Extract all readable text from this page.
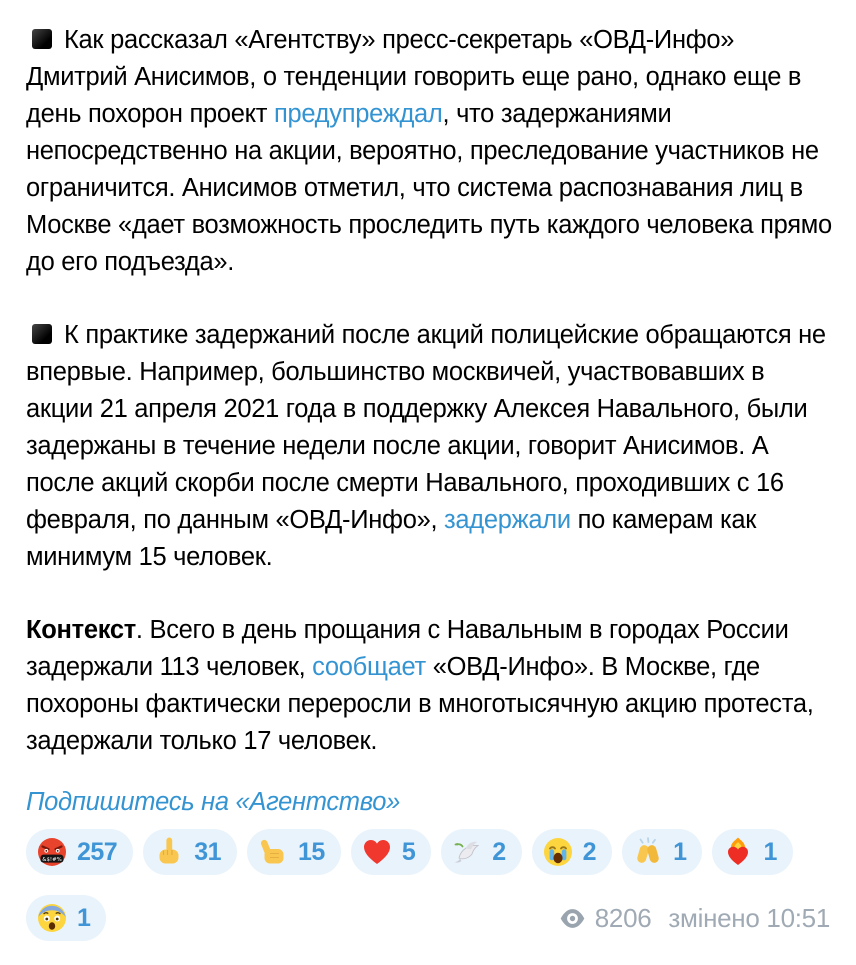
Как рассказал «Агентству» пресс-секретарь «ОВД-Инфо» Дмитрий Анисимов, о тенденции говорить еще рано, однако еще в день похорон проект предупреждал, что задержаниями непосредственно на акции, вероятно, преследование участников не ограничится. Анисимов отметил, что система распознавания лиц в Москве «дает возможность проследить путь каждого человека прямо до его подъезда».

К практике задержаний после акций полицейские обращаются не впервые. Например, большинство москвичей, участвовавших в акции 21 апреля 2021 года в поддержку Алексея Навального, были задержаны в течение недели после акции, говорит Анисимов. А после акций скорби после смерти Навального, проходивших с 16 февраля, по данным «ОВД-Инфо», задержали по камерам как минимум 15 человек.

Контекст. Всего в день прощания с Навальным в городах России задержали 113 человек, сообщает «ОВД-Инфо». В Москве, где похороны фактически переросли в многотысячную акцию протеста, задержали только 17 человек.

Подпишитесь на «Агентство»
&$!#% 257	31	15	5	2	2	1	1
1	8206 змінено 10:51
